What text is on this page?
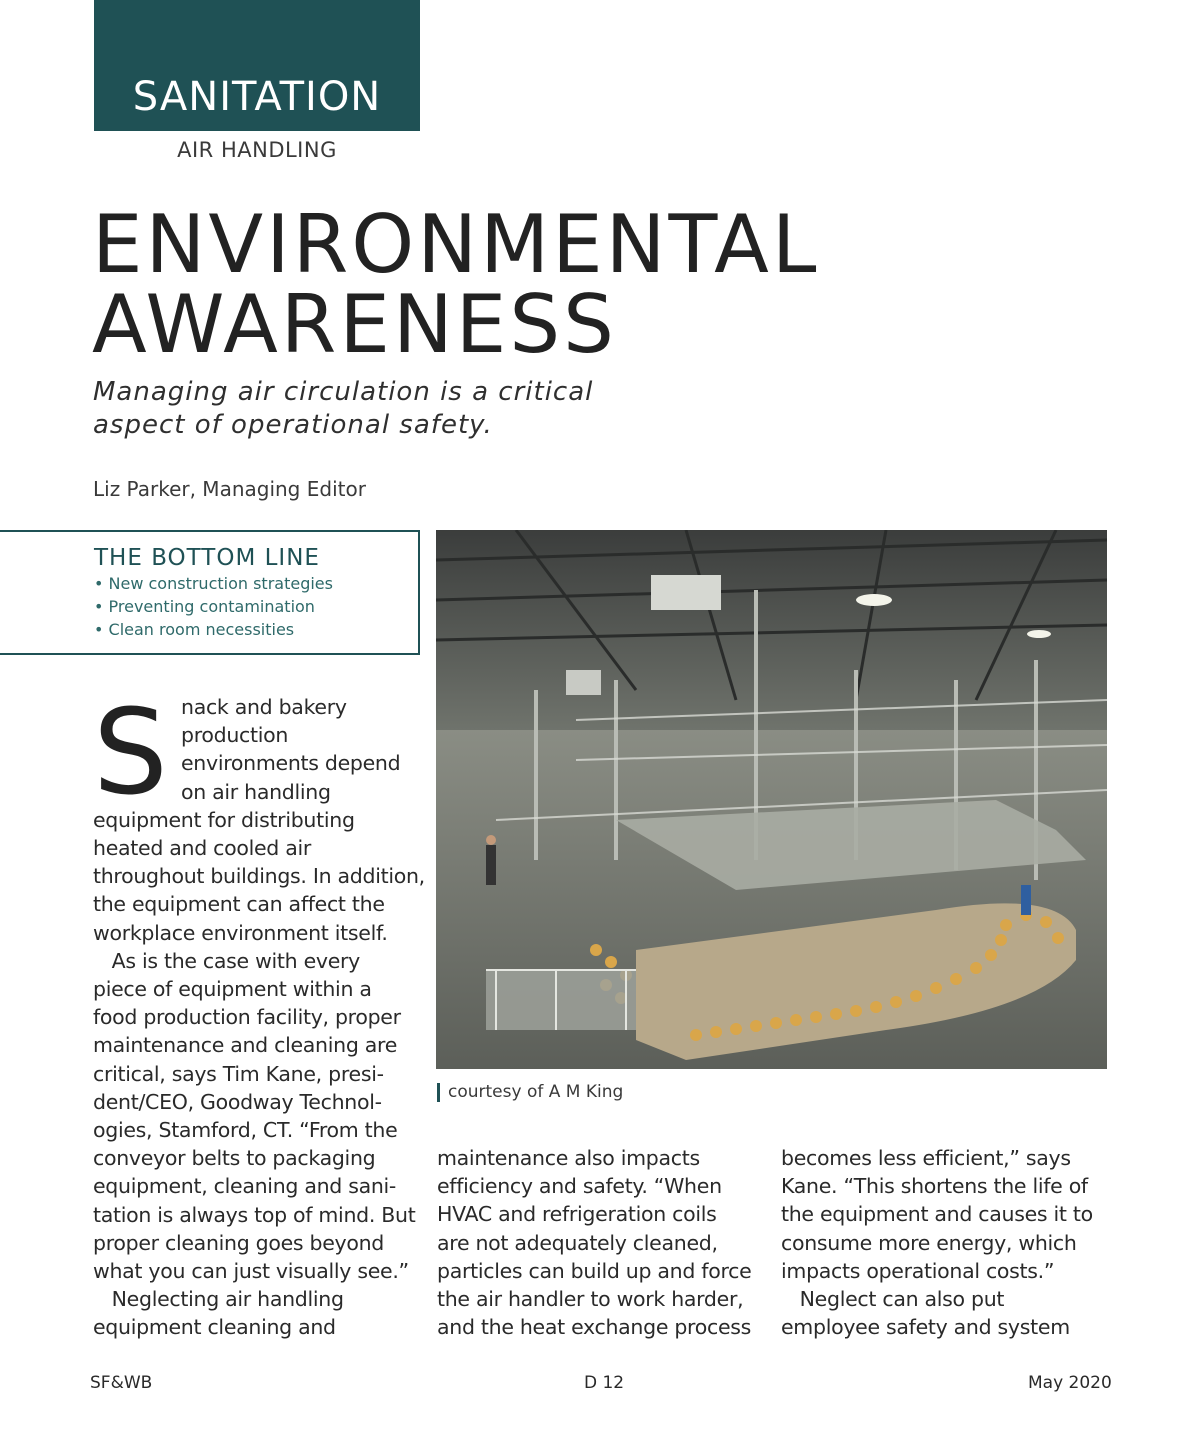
SANITATION
AIR HANDLING
ENVIRONMENTAL
AWARENESS
Managing air circulation is a critical
aspect of operational safety.
Liz Parker, Managing Editor
THE BOTTOM LINE
• New construction strategies
• Preventing contamination
• Clean room necessities
courtesy of A M King
S nack and bakery
production
environments depend
on air handling
equipment for distributing
heated and cooled air
throughout buildings. In addition,
the equipment can affect the
workplace environment itself.
As is the case with every
piece of equipment within a
food production facility, proper
maintenance and cleaning are
critical, says Tim Kane, presi-
dent/CEO, Goodway Technol-
ogies, Stamford, CT. “From the
conveyor belts to packaging
equipment, cleaning and sani-
tation is always top of mind. But
proper cleaning goes beyond
what you can just visually see.”
Neglecting air handling
equipment cleaning and
maintenance also impacts
efficiency and safety. “When
HVAC and refrigeration coils
are not adequately cleaned,
particles can build up and force
the air handler to work harder,
and the heat exchange process
becomes less efficient,” says
Kane. “This shortens the life of
the equipment and causes it to
consume more energy, which
impacts operational costs.”
Neglect can also put
employee safety and system
SF&WB	D 12	May 2020
